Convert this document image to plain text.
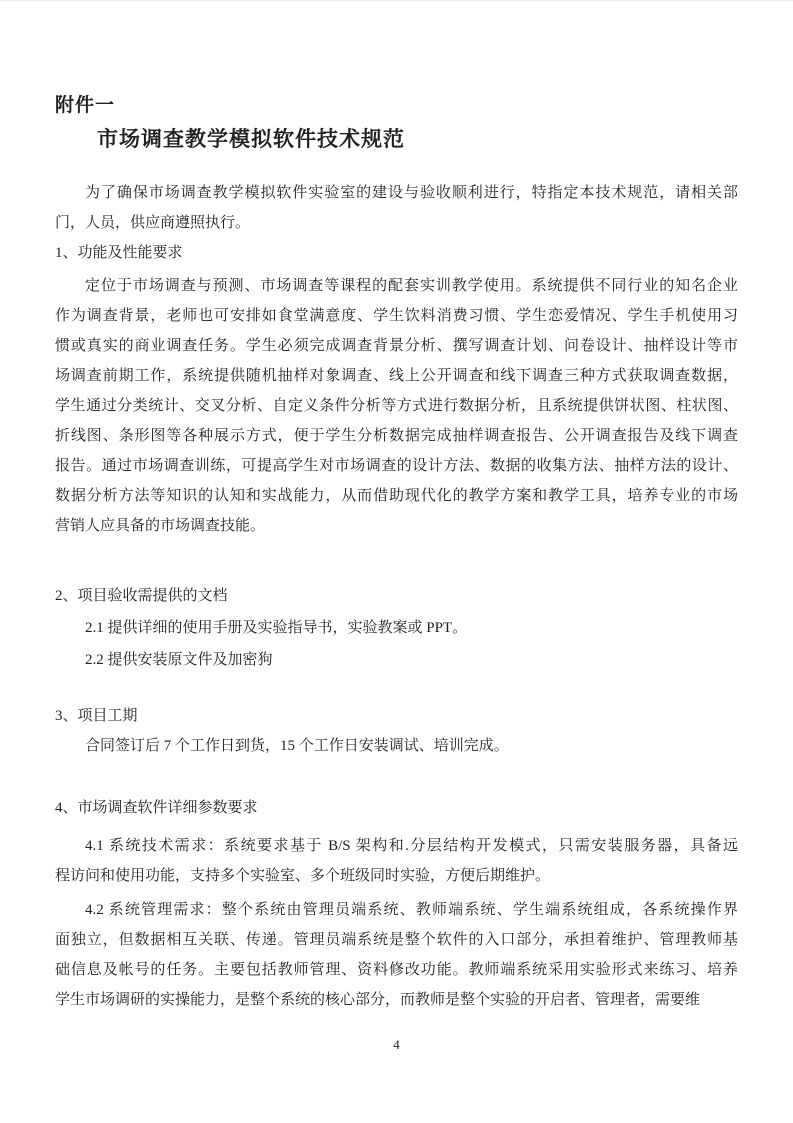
附件一
市场调查教学模拟软件技术规范
为了确保市场调查教学模拟软件实验室的建设与验收顺利进行，特指定本技术规范，请相关部
门，人员，供应商遵照执行。
1、功能及性能要求
定位于市场调查与预测、市场调查等课程的配套实训教学使用。系统提供不同行业的知名企业
作为调查背景，老师也可安排如食堂满意度、学生饮料消费习惯、学生恋爱情况、学生手机使用习
惯或真实的商业调查任务。学生必须完成调查背景分析、撰写调查计划、问卷设计、抽样设计等市
场调查前期工作，系统提供随机抽样对象调查、线上公开调查和线下调查三种方式获取调查数据，
学生通过分类统计、交叉分析、自定义条件分析等方式进行数据分析，且系统提供饼状图、柱状图、
折线图、条形图等各种展示方式，便于学生分析数据完成抽样调查报告、公开调查报告及线下调查
报告。通过市场调查训练，可提高学生对市场调查的设计方法、数据的收集方法、抽样方法的设计、
数据分析方法等知识的认知和实战能力，从而借助现代化的教学方案和教学工具，培养专业的市场
营销人应具备的市场调查技能。
2、项目验收需提供的文档
2.1 提供详细的使用手册及实验指导书，实验教案或 PPT。
2.2 提供安装原文件及加密狗
3、项目工期
合同签订后 7 个工作日到货，15 个工作日安装调试、培训完成。
4、市场调查软件详细参数要求
4.1 系统技术需求：系统要求基于 B/S 架构和.分层结构开发模式，只需安装服务器，具备远
程访问和使用功能，支持多个实验室、多个班级同时实验，方便后期维护。
4.2 系统管理需求：整个系统由管理员端系统、教师端系统、学生端系统组成，各系统操作界
面独立，但数据相互关联、传递。管理员端系统是整个软件的入口部分，承担着维护、管理教师基
础信息及帐号的任务。主要包括教师管理、资料修改功能。教师端系统采用实验形式来练习、培养
学生市场调研的实操能力，是整个系统的核心部分，而教师是整个实验的开启者、管理者，需要维
4
